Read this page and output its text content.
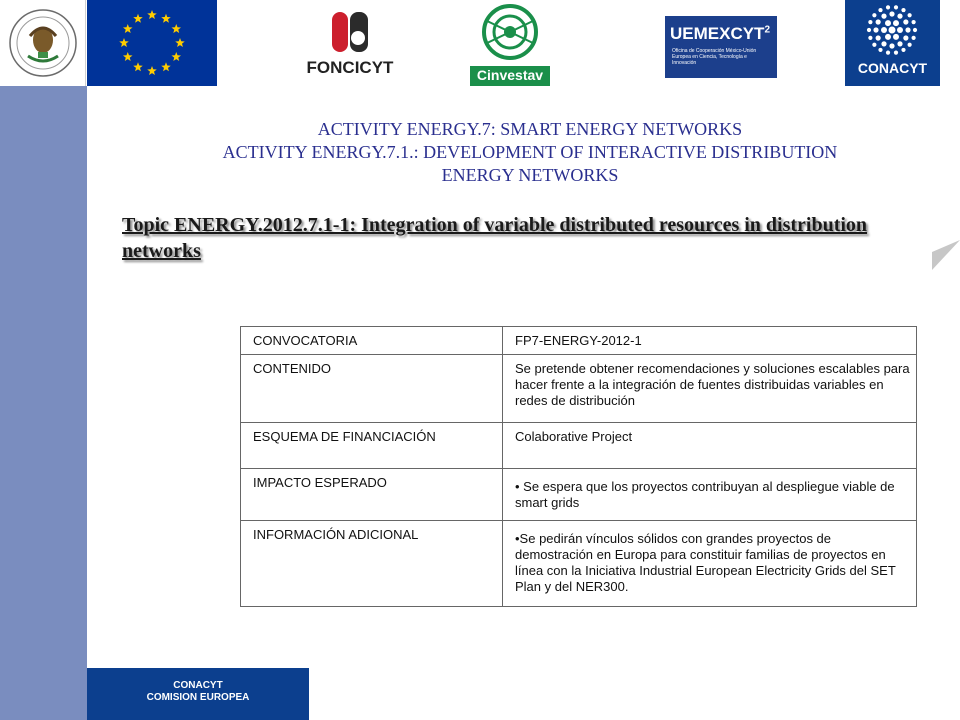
FONCICYT	Cinvestav
UEMEXCYT$^2$
Oficina de Cooperación México-Unión Europea en Ciencia, Tecnología e Innovación	CONACYT
CONACYT
COMISION EUROPEA
ACTIVITY ENERGY.7: SMART ENERGY NETWORKS
ACTIVITY ENERGY.7.1.: DEVELOPMENT OF INTERACTIVE DISTRIBUTION
ENERGY NETWORKS
Topic ENERGY.2012.7.1-1: Integration of variable distributed resources in distribution networks
CONVOCATORIA	FP7-ENERGY-2012-1
CONTENIDO	Se pretende obtener recomendaciones y soluciones escalables para hacer frente a la integración de fuentes distribuidas variables en redes de distribución
ESQUEMA DE FINANCIACIÓN	Colaborative Project
IMPACTO ESPERADO	• Se espera que los proyectos contribuyan al despliegue viable de smart grids
INFORMACIÓN ADICIONAL	•Se pedirán vínculos sólidos con grandes proyectos de demostración en Europa para constituir familias de proyectos en línea con la Iniciativa Industrial European Electricity Grids del SET Plan y del NER300.
